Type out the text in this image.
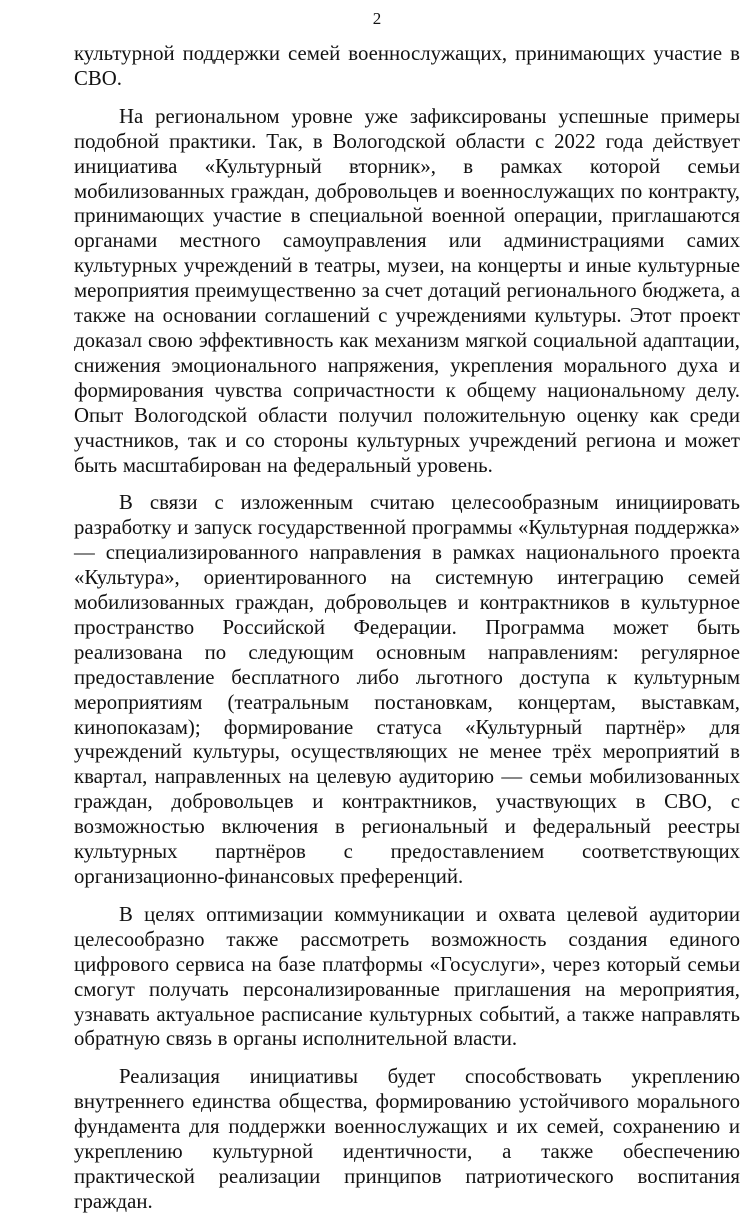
2

культурной поддержки семей военнослужащих, принимающих участие в СВО.

На региональном уровне уже зафиксированы успешные примеры подобной практики. Так, в Вологодской области с 2022 года действует инициатива «Культурный вторник», в рамках которой семьи мобилизованных граждан, добровольцев и военнослужащих по контракту, принимающих участие в специальной военной операции, приглашаются органами местного самоуправления или администрациями самих культурных учреждений в театры, музеи, на концерты и иные культурные мероприятия преимущественно за счет дотаций регионального бюджета, а также на основании соглашений с учреждениями культуры. Этот проект доказал свою эффективность как механизм мягкой социальной адаптации, снижения эмоционального напряжения, укрепления морального духа и формирования чувства сопричастности к общему национальному делу. Опыт Вологодской области получил положительную оценку как среди участников, так и со стороны культурных учреждений региона и может быть масштабирован на федеральный уровень.

В связи с изложенным считаю целесообразным инициировать разработку и запуск государственной программы «Культурная поддержка» — специализированного направления в рамках национального проекта «Культура», ориентированного на системную интеграцию семей мобилизованных граждан, добровольцев и контрактников в культурное пространство Российской Федерации. Программа может быть реализована по следующим основным направлениям: регулярное предоставление бесплатного либо льготного доступа к культурным мероприятиям (театральным постановкам, концертам, выставкам, кинопоказам); формирование статуса «Культурный партнёр» для учреждений культуры, осуществляющих не менее трёх мероприятий в квартал, направленных на целевую аудиторию — семьи мобилизованных граждан, добровольцев и контрактников, участвующих в СВО, с возможностью включения в региональный и федеральный реестры культурных партнёров с предоставлением соответствующих организационно-финансовых преференций.

В целях оптимизации коммуникации и охвата целевой аудитории целесообразно также рассмотреть возможность создания единого цифрового сервиса на базе платформы «Госуслуги», через который семьи смогут получать персонализированные приглашения на мероприятия, узнавать актуальное расписание культурных событий, а также направлять обратную связь в органы исполнительной власти.

Реализация инициативы будет способствовать укреплению внутреннего единства общества, формированию устойчивого морального фундамента для поддержки военнослужащих и их семей, сохранению и укреплению культурной идентичности, а также обеспечению практической реализации принципов патриотического воспитания граждан.
